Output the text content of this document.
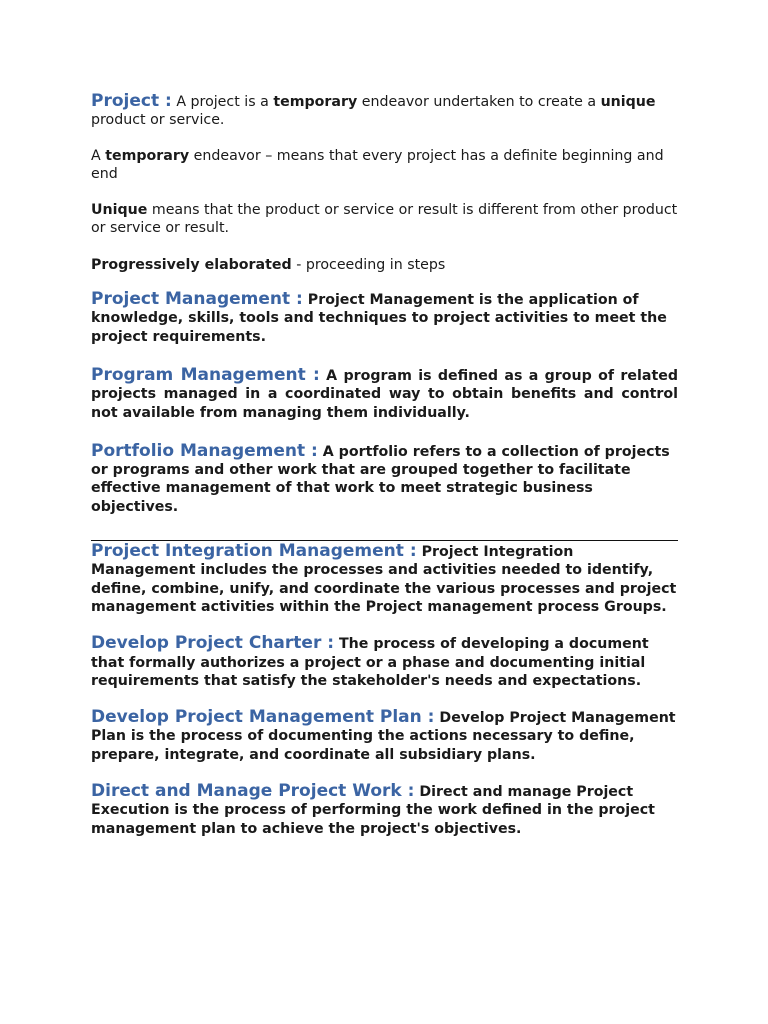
Project : A project is a temporary endeavor undertaken to create a unique product or service.

A temporary endeavor – means that every project has a definite beginning and end

Unique means that the product or service or result is different from other product or service or result.

Progressively elaborated - proceeding in steps

Project Management : Project Management is the application of knowledge, skills, tools and techniques to project activities to meet the project requirements.

Program Management : A program is defined as a group of related projects managed in a coordinated way to obtain benefits and control not available from managing them individually.

Portfolio Management : A portfolio refers to a collection of projects or programs and other work that are grouped together to facilitate effective management of that work to meet strategic business objectives.

Project Integration Management : Project Integration Management includes the processes and activities needed to identify, define, combine, unify, and coordinate the various processes and project management activities within the Project management process Groups.

Develop Project Charter : The process of developing a document that formally authorizes a project or a phase and documenting initial requirements that satisfy the stakeholder's needs and expectations.

Develop Project Management Plan : Develop Project Management Plan is the process of documenting the actions necessary to define, prepare, integrate, and coordinate all subsidiary plans.

Direct and Manage Project Work : Direct and manage Project Execution is the process of performing the work defined in the project management plan to achieve the project's objectives.
